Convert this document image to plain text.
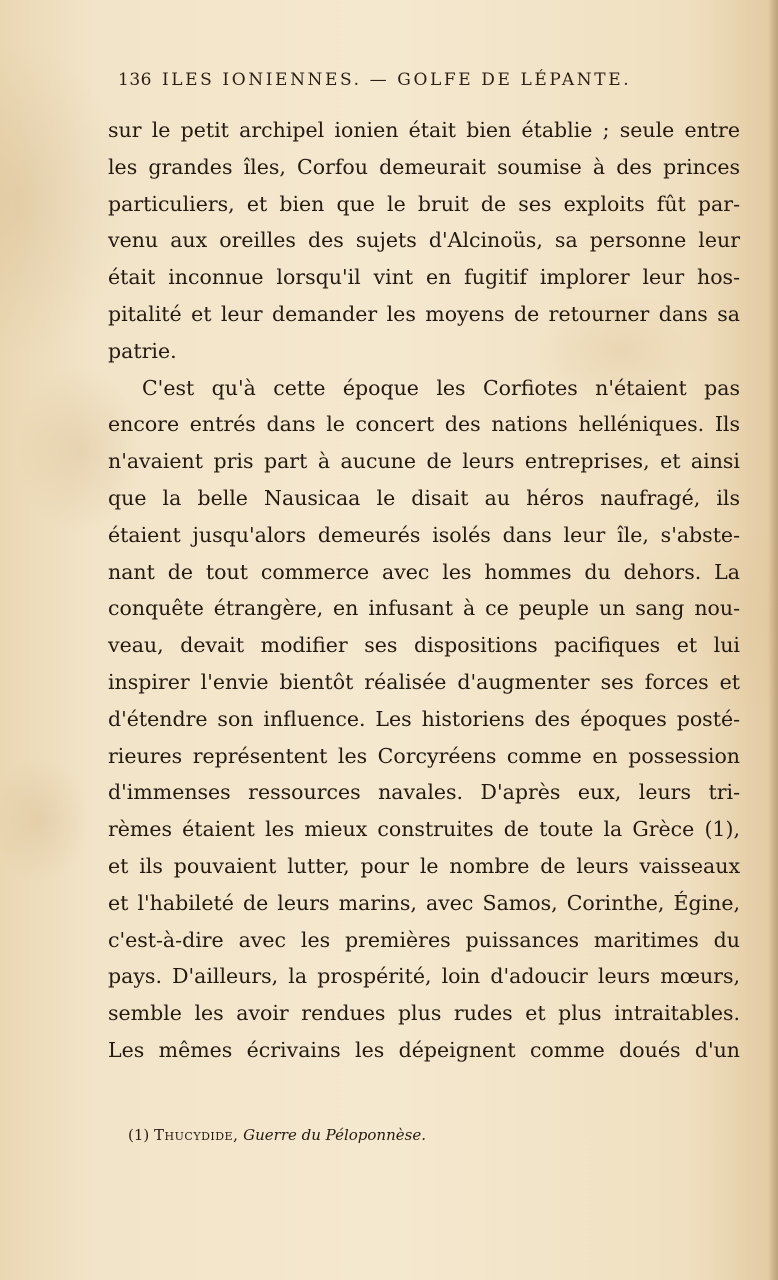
136 ILES IONIENNES. — GOLFE DE LÉPANTE.
sur le petit archipel ionien était bien établie ; seule entre
les grandes îles, Corfou demeurait soumise à des princes
particuliers, et bien que le bruit de ses exploits fût par-
venu aux oreilles des sujets d'Alcinoüs, sa personne leur
était inconnue lorsqu'il vint en fugitif implorer leur hos-
pitalité et leur demander les moyens de retourner dans sa
patrie.
C'est qu'à cette époque les Corfiotes n'étaient pas
encore entrés dans le concert des nations helléniques. Ils
n'avaient pris part à aucune de leurs entreprises, et ainsi
que la belle Nausicaa le disait au héros naufragé, ils
étaient jusqu'alors demeurés isolés dans leur île, s'abste-
nant de tout commerce avec les hommes du dehors. La
conquête étrangère, en infusant à ce peuple un sang nou-
veau, devait modifier ses dispositions pacifiques et lui
inspirer l'envie bientôt réalisée d'augmenter ses forces et
d'étendre son influence. Les historiens des époques posté-
rieures représentent les Corcyréens comme en possession
d'immenses ressources navales. D'après eux, leurs tri-
rèmes étaient les mieux construites de toute la Grèce (1),
et ils pouvaient lutter, pour le nombre de leurs vaisseaux
et l'habileté de leurs marins, avec Samos, Corinthe, Égine,
c'est-à-dire avec les premières puissances maritimes du
pays. D'ailleurs, la prospérité, loin d'adoucir leurs mœurs,
semble les avoir rendues plus rudes et plus intraitables.
Les mêmes écrivains les dépeignent comme doués d'un
(1) Thucydide, Guerre du Péloponnèse.
